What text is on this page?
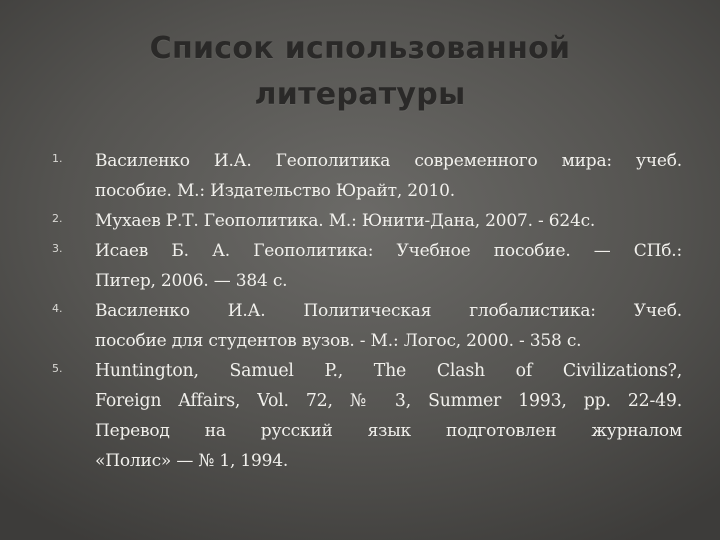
Список использованной
литературы
1. Василенко И.А. Геополитика современного мира: учеб.
пособие. М.: Издательство Юрайт, 2010.
2. Мухаев Р.Т. Геополитика. М.: Юнити-Дана, 2007. - 624с.
3. Исаев Б. А. Геополитика: Учебное пособие. — СПб.:
Питер, 2006. — 384 с.
4. Василенко И.А. Политическая глобалистика: Учеб.
пособие для студентов вузов. - М.: Логос, 2000. - 358 с.
5. Huntington, Samuel P., The Clash of Civilizations?,
Foreign Affairs, Vol. 72, № 3, Summer 1993, pp. 22-49.
Перевод на русский язык подготовлен журналом
«Полис» — № 1, 1994.
